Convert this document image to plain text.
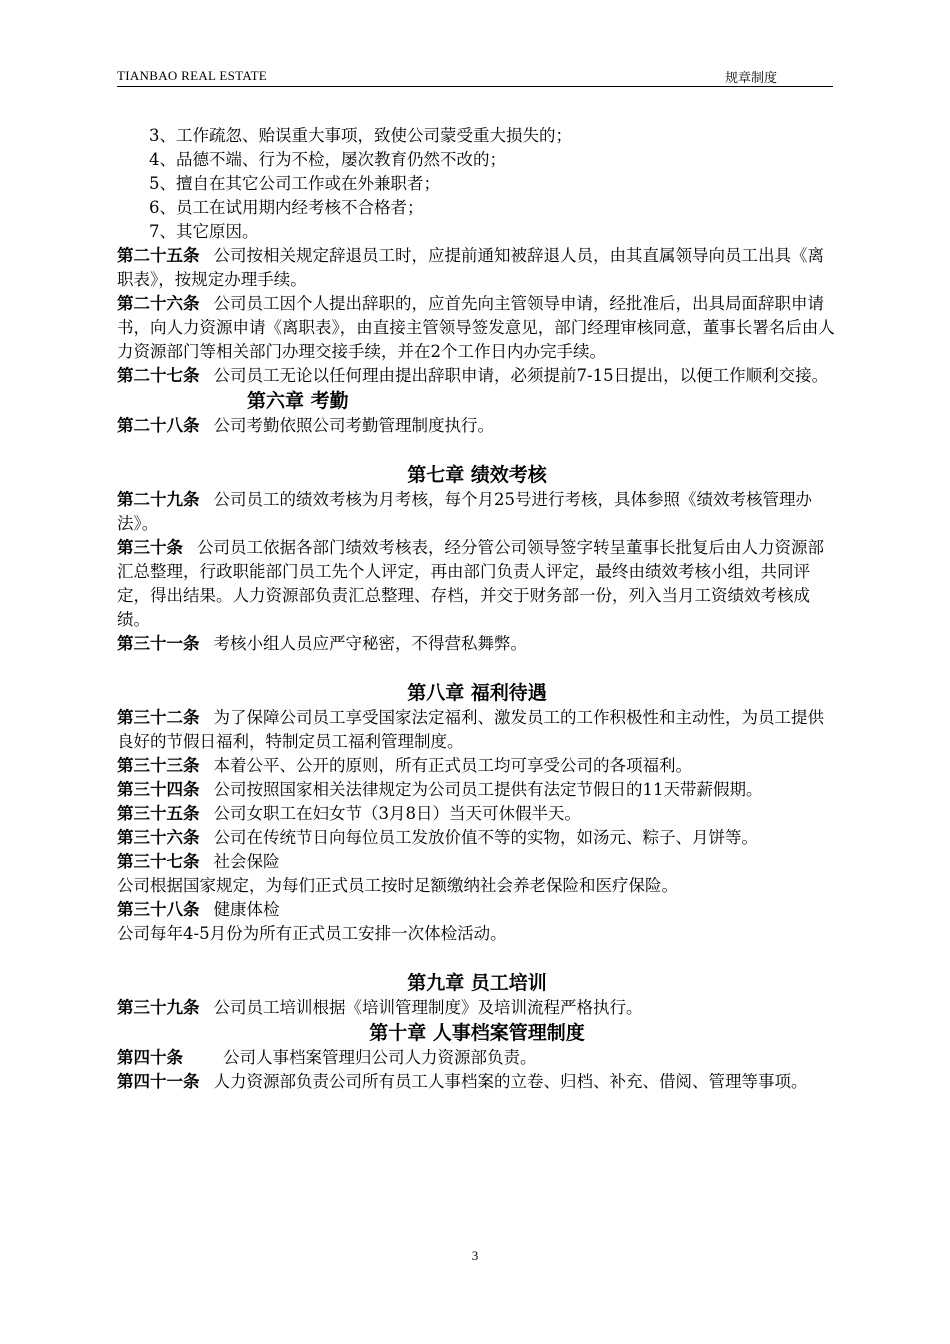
TIANBAO REAL ESTATE	规章制度

3、工作疏忽、贻误重大事项，致使公司蒙受重大损失的；

4、品德不端、行为不检，屡次教育仍然不改的；

5、擅自在其它公司工作或在外兼职者；

6、员工在试用期内经考核不合格者；

7、其它原因。

第二十五条 公司按相关规定辞退员工时，应提前通知被辞退人员，由其直属领导向员工出具《离职表》，按规定办理手续。

第二十六条 公司员工因个人提出辞职的，应首先向主管领导申请，经批准后，出具局面辞职申请书，向人力资源申请《离职表》，由直接主管领导签发意见，部门经理审核同意，董事长署名后由人力资源部门等相关部门办理交接手续，并在2个工作日内办完手续。

第二十七条 公司员工无论以任何理由提出辞职申请，必须提前7-15日提出，以便工作顺利交接。

第六章 考勤

第二十八条 公司考勤依照公司考勤管理制度执行。

第七章 绩效考核

第二十九条 公司员工的绩效考核为月考核，每个月25号进行考核，具体参照《绩效考核管理办法》。

第三十条 公司员工依据各部门绩效考核表，经分管公司领导签字转呈董事长批复后由人力资源部汇总整理，行政职能部门员工先个人评定，再由部门负责人评定，最终由绩效考核小组，共同评定，得出结果。人力资源部负责汇总整理、存档，并交于财务部一份，列入当月工资绩效考核成绩。

第三十一条 考核小组人员应严守秘密，不得营私舞弊。

第八章 福利待遇

第三十二条 为了保障公司员工享受国家法定福利、激发员工的工作积极性和主动性，为员工提供良好的节假日福利，特制定员工福利管理制度。

第三十三条 本着公平、公开的原则，所有正式员工均可享受公司的各项福利。

第三十四条 公司按照国家相关法律规定为公司员工提供有法定节假日的11天带薪假期。

第三十五条 公司女职工在妇女节（3月8日）当天可休假半天。

第三十六条 公司在传统节日向每位员工发放价值不等的实物，如汤元、粽子、月饼等。

第三十七条 社会保险

公司根据国家规定，为每们正式员工按时足额缴纳社会养老保险和医疗保险。

第三十八条 健康体检

公司每年4-5月份为所有正式员工安排一次体检活动。

第九章 员工培训

第三十九条 公司员工培训根据《培训管理制度》及培训流程严格执行。

第十章 人事档案管理制度

第四十条 公司人事档案管理归公司人力资源部负责。

第四十一条 人力资源部负责公司所有员工人事档案的立卷、归档、补充、借阅、管理等事项。

3
